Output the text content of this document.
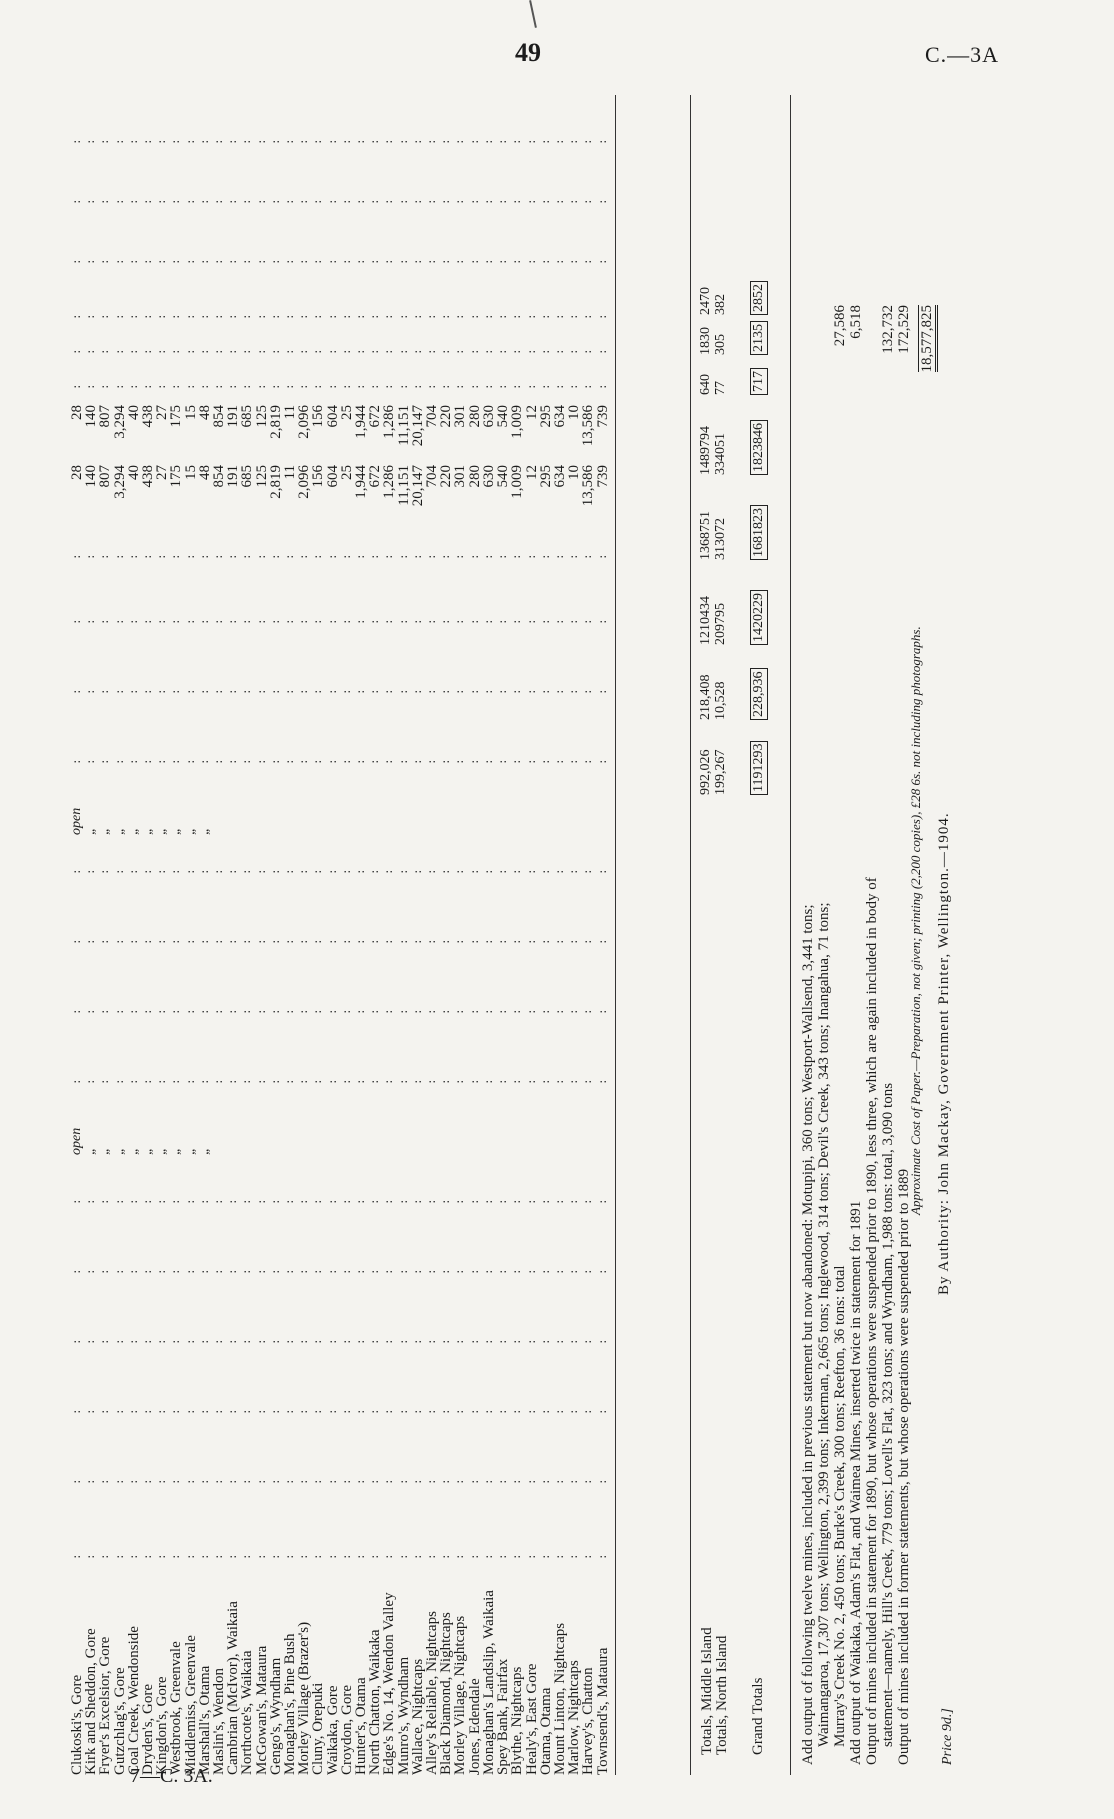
49	C.—3A
7—C. 3A.
Clukoski's, Gore
Kirk and Sheddon, Gore
Fryer's Excelsior, Gore
Gutzchlag's, Gore
Coal Creek, Wendonside
Dryden's, Gore
Kingdon's, Gore
Westbrook, Greenvale
Middlemiss, Greenvale
Marshall's, Otama
Maslin's, Wendon
Cambrian (McIvor), Waikaia
Northcote's, Waikaia
McGowan's, Mataura
Gengo's, Wyndham
Monaghan's, Pine Bush
Morley Village (Brazer's)
Cluny, Orepuki
Waikaka, Gore
Croydon, Gore
Hunter's, Otama
North Chatton, Waikaka
Edge's No. 14, Wendon Valley
Munro's, Wyndham
Wallace, Nightcaps
Alley's Reliable, Nightcaps
Black Diamond, Nightcaps
Morley Village, Nightcaps
Jones, Edendale
Monaghan's Landslip, Waikaia
Spey Bank, Fairfax
Blythe, Nightcaps
Healy's, East Gore
Otama, Otama
Mount Linton, Nightcaps
Marlow, Nightcaps
Harvey's, Chatton
Townsend's, Mataura
: : : : : : : : : : : : : : : : : : : : : : : : : : : : : : : : : : : : : :
: : : : : : : : : : : : : : : : : : : : : : : : : : : : : : : : : : : : : :
: : : : : : : : : : : : : : : : : : : : : : : : : : : : : : : : : : : : : :
: : : : : : : : : : : : : : : : : : : : : : : : : : : : : : : : : : : : : :
: : : : : : : : : : : : : : : : : : : : : : : : : : : : : : : : : : : : : :
: : : : : : : : : : : : : : : : : : : : : : : : : : : : : : : : : : : : : :
open „ „ „ „ „ „ „ „ „
: : : : : : : : : : : : : : : : : : : : : : : : : : : : : : : : : : : : : :
: : : : : : : : : : : : : : : : : : : : : : : : : : : : : : : : : : : : : :
: : : : : : : : : : : : : : : : : : : : : : : : : : : : : : : : : : : : : :
: : : : : : : : : : : : : : : : : : : : : : : : : : : : : : : : : : : : : :
open „ „ „ „ „ „ „ „ „
: : : : : : : : : : : : : : : : : : : : : : : : : : : : : : : : : : : : : :
: : : : : : : : : : : : : : : : : : : : : : : : : : : : : : : : : : : : : :
: : : : : : : : : : : : : : : : : : : : : : : : : : : : : : : : : : : : : :
: : : : : : : : : : : : : : : : : : : : : : : : : : : : : : : : : : : : : :
28
140
807
3,294
40
438
27
175
15
48
854
191
685
125
2,819
11
2,096
156
604
25
1,944
672
1,286
11,151
20,147
704
220
301
280
630
540
1,009
12
295
634
10
13,586
739
28
140
807
3,294
40
438
27
175
15
48
854
191
685
125
2,819
11
2,096
156
604
25
1,944
672
1,286
11,151
20,147
704
220
301
280
630
540
1,009
12
295
634
10
13,586
739
: : : : : : : : : : : : : : : : : : : : : : : : : : : : : : : : : : : : : :
: : : : : : : : : : : : : : : : : : : : : : : : : : : : : : : : : : : : : :
: : : : : : : : : : : : : : : : : : : : : : : : : : : : : : : : : : : : : :
: : : : : : : : : : : : : : : : : : : : : : : : : : : : : : : : : : : : : :
: : : : : : : : : : : : : : : : : : : : : : : : : : : : : : : : : : : : : :
: : : : : : : : : : : : : : : : : : : : : : : : : : : : : : : : : : : : : :
Totals, Middle Island Totals, North Island Grand Totals
992,026
218,408
1210434
1368751
1489794
640
1830
2470
199,267
10,528
209795
313072
334051
77
305
382
1191293
228,936
1420229
1681823
1823846
717
2135
2852
Add output of following twelve mines, included in previous statement but now abandoned: Motupipi, 360 tons; Westport-Wallsend, 3,441 tons; Waimangaroa, 17,307 tons; Wellington, 2,399 tons; Inkerman, 2,665 tons; Inglewood, 314 tons; Devil's Creek, 343 tons; Inangahua, 71 tons; Murray's Creek No. 2, 450 tons; Burke's Creek, 300 tons; Reefton, 36 tons: total Add output of Waikaka, Adam's Flat, and Waimea Mines, inserted twice in statement for 1891 Output of mines included in statement for 1890, but whose operations were suspended prior to 1890, less three, which are again included in body of statement—namely, Hill's Creek, 779 tons; Lovell's Flat, 323 tons; and Wyndham, 1,988 tons: total, 3,090 tons Output of mines included in former statements, but whose operations were suspended prior to 1889
27,586 6,518 132,732 172,529 18,577,825
Approximate Cost of Paper.—Preparation, not given; printing (2,200 copies), £28 6s. not including photographs.
Price 9d.]
By Authority: John Mackay, Government Printer, Wellington.—1904.
